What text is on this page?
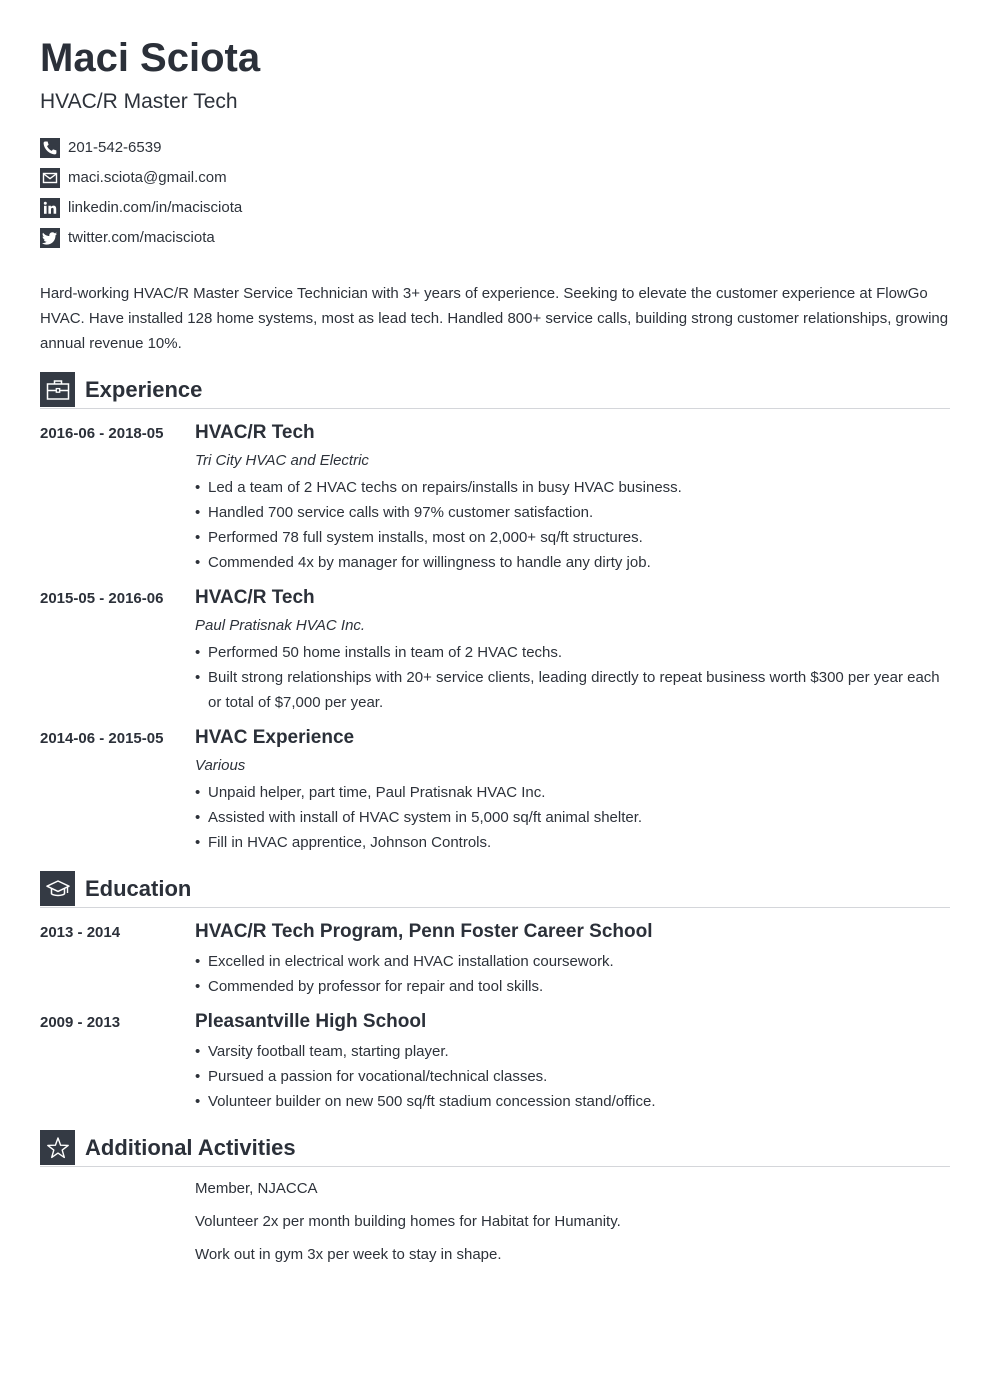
Maci Sciota
HVAC/R Master Tech
201-542-6539
maci.sciota@gmail.com
linkedin.com/in/macisciota
twitter.com/macisciota
Hard-working HVAC/R Master Service Technician with 3+ years of experience. Seeking to elevate the customer experience at FlowGo HVAC. Have installed 128 home systems, most as lead tech. Handled 800+ service calls, building strong customer relationships, growing annual revenue 10%.
Experience
2016-06 - 2018-05 HVAC/R Tech
Tri City HVAC and Electric
• Led a team of 2 HVAC techs on repairs/installs in busy HVAC business.
• Handled 700 service calls with 97% customer satisfaction.
• Performed 78 full system installs, most on 2,000+ sq/ft structures.
• Commended 4x by manager for willingness to handle any dirty job.
2015-05 - 2016-06 HVAC/R Tech
Paul Pratisnak HVAC Inc.
• Performed 50 home installs in team of 2 HVAC techs.
• Built strong relationships with 20+ service clients, leading directly to repeat business worth $300 per year each or total of $7,000 per year.
2014-06 - 2015-05 HVAC Experience
Various
• Unpaid helper, part time, Paul Pratisnak HVAC Inc.
• Assisted with install of HVAC system in 5,000 sq/ft animal shelter.
• Fill in HVAC apprentice, Johnson Controls.
Education
2013 - 2014	HVAC/R Tech Program, Penn Foster Career School
• Excelled in electrical work and HVAC installation coursework.
• Commended by professor for repair and tool skills.
2009 - 2013	Pleasantville High School
• Varsity football team, starting player.
• Pursued a passion for vocational/technical classes.
• Volunteer builder on new 500 sq/ft stadium concession stand/office.
Additional Activities
Member, NJACCA
Volunteer 2x per month building homes for Habitat for Humanity.
Work out in gym 3x per week to stay in shape.
